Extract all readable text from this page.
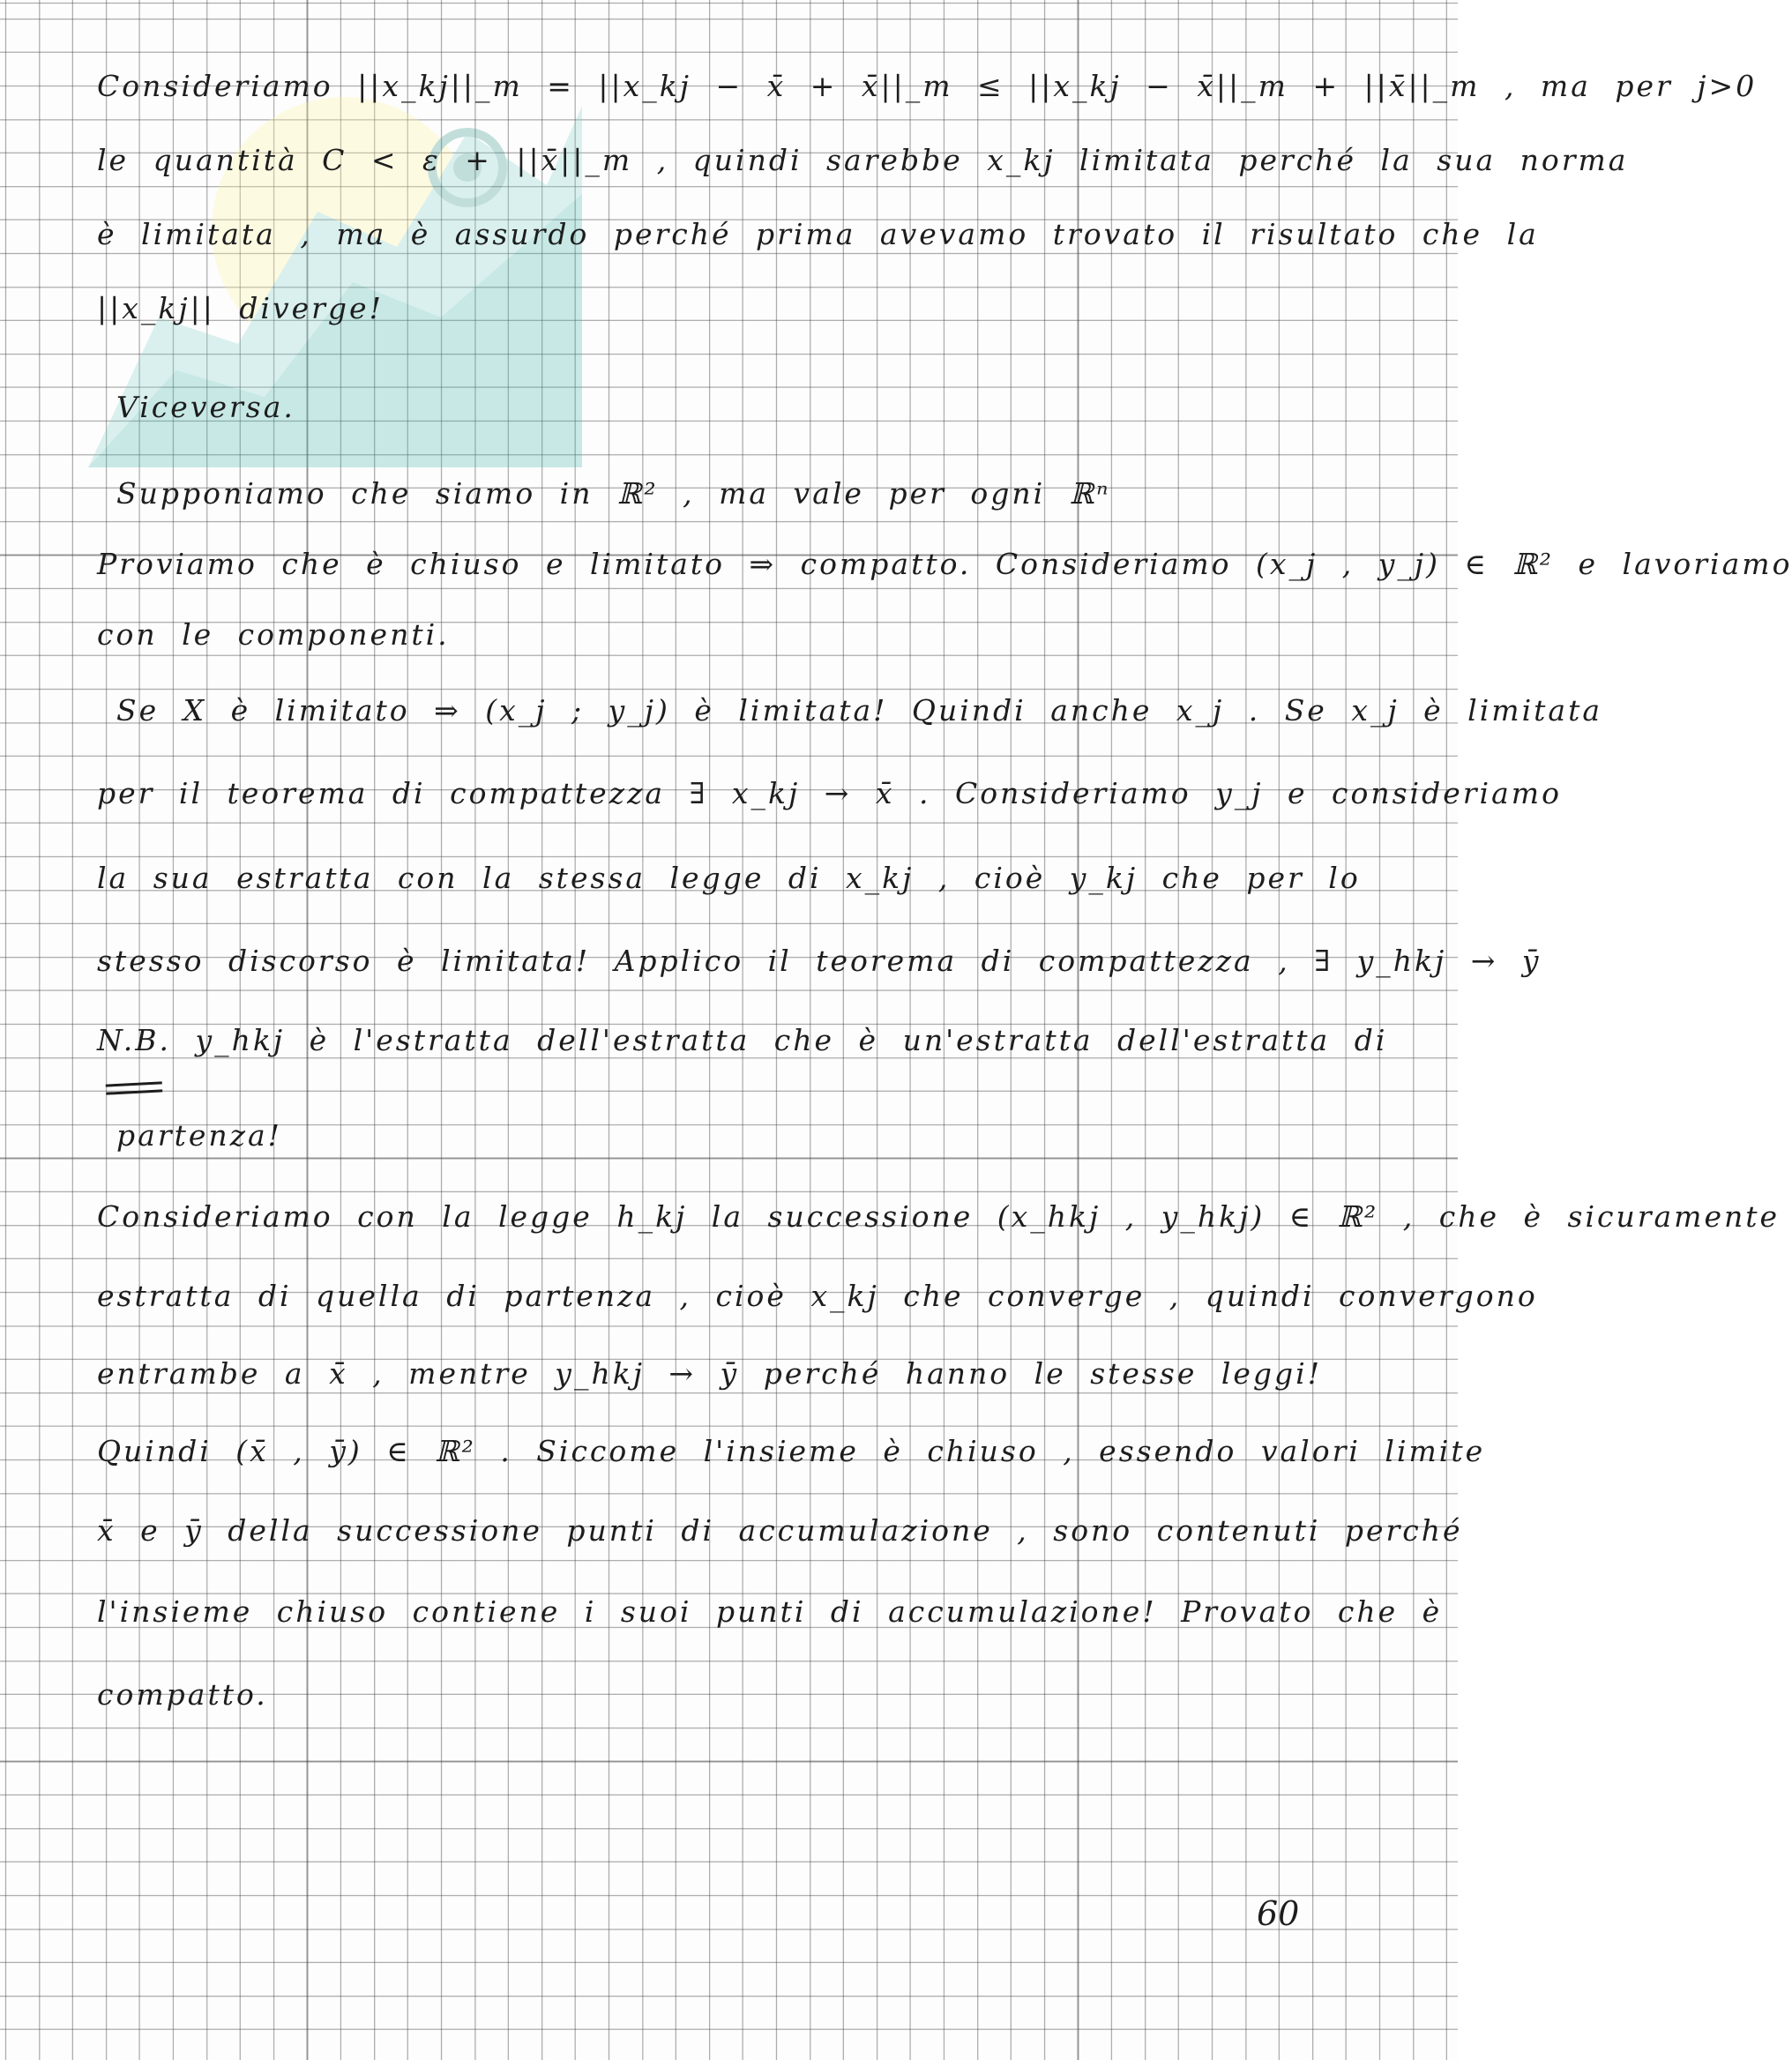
Consideriamo ||x_kj||_m = ||x_kj − x̄ + x̄||_m ≤ ||x_kj − x̄||_m + ||x̄||_m , ma per j>0
le quantità C < ε + ||x̄||_m , quindi sarebbe x_kj limitata perché la sua norma
è limitata , ma è assurdo perché prima avevamo trovato il risultato che la
||x_kj|| diverge!
Viceversa.
Supponiamo che siamo in ℝ² , ma vale per ogni ℝⁿ
Proviamo che è chiuso e limitato ⇒ compatto. Consideriamo (x_j , y_j) ∈ ℝ² e lavoriamo
con le componenti.
Se X è limitato ⇒ (x_j ; y_j) è limitata! Quindi anche x_j . Se x_j è limitata
per il teorema di compattezza ∃ x_kj → x̄ . Consideriamo y_j e consideriamo
la sua estratta con la stessa legge di x_kj , cioè y_kj che per lo
stesso discorso è limitata! Applico il teorema di compattezza , ∃ y_hkj → ȳ
N.B. y_hkj è l'estratta dell'estratta che è un'estratta dell'estratta di
partenza!
Consideriamo con la legge h_kj la successione (x_hkj , y_hkj) ∈ ℝ² , che è sicuramente
estratta di quella di partenza , cioè x_kj che converge , quindi convergono
entrambe a x̄ , mentre y_hkj → ȳ perché hanno le stesse leggi!
Quindi (x̄ , ȳ) ∈ ℝ² . Siccome l'insieme è chiuso , essendo valori limite
x̄ e ȳ della successione punti di accumulazione , sono contenuti perché
l'insieme chiuso contiene i suoi punti di accumulazione! Provato che è
compatto.
60
